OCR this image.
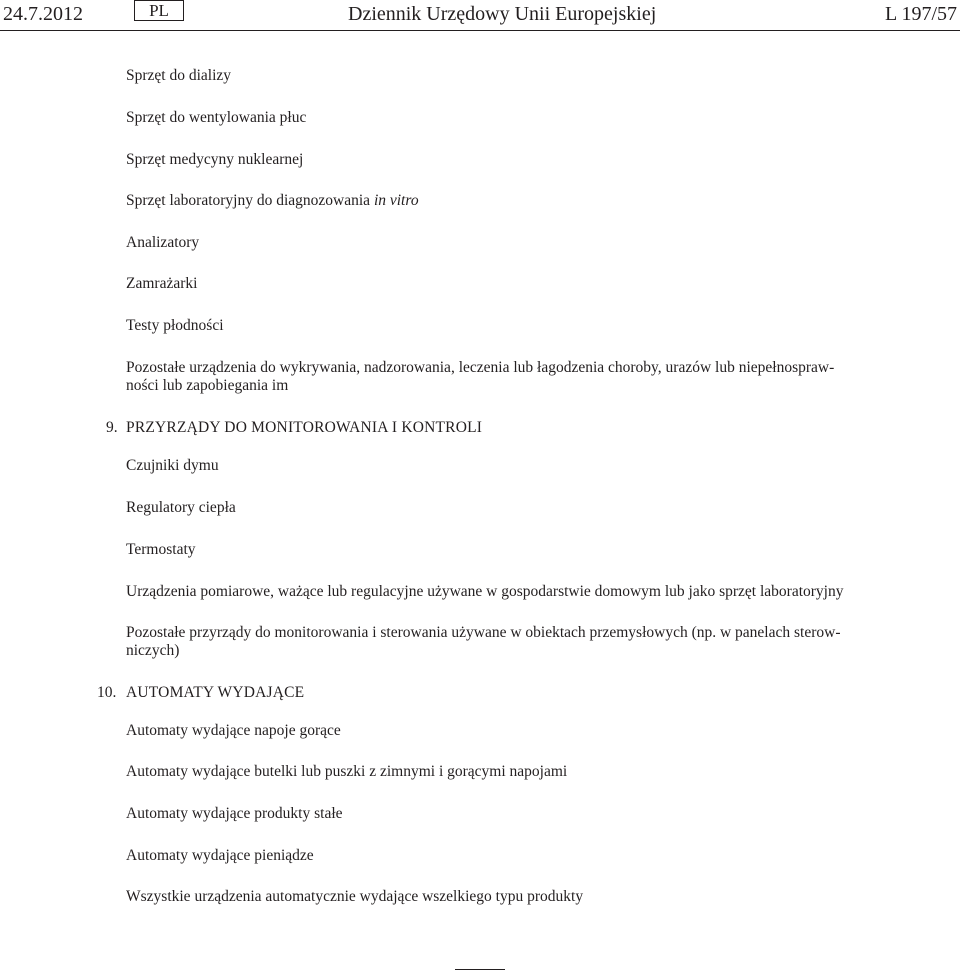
24.7.2012	PL	Dziennik Urzędowy Unii Europejskiej	L 197/57
Sprzęt do dializy
Sprzęt do wentylowania płuc
Sprzęt medycyny nuklearnej
Sprzęt laboratoryjny do diagnozowania in vitro
Analizatory
Zamrażarki
Testy płodności
Pozostałe urządzenia do wykrywania, nadzorowania, leczenia lub łagodzenia choroby, urazów lub niepełnospraw-
ności lub zapobiegania im
9. PRZYRZĄDY DO MONITOROWANIA I KONTROLI
Czujniki dymu
Regulatory ciepła
Termostaty
Urządzenia pomiarowe, ważące lub regulacyjne używane w gospodarstwie domowym lub jako sprzęt laboratoryjny
Pozostałe przyrządy do monitorowania i sterowania używane w obiektach przemysłowych (np. w panelach sterow-
niczych)
10. AUTOMATY WYDAJĄCE
Automaty wydające napoje gorące
Automaty wydające butelki lub puszki z zimnymi i gorącymi napojami
Automaty wydające produkty stałe
Automaty wydające pieniądze
Wszystkie urządzenia automatycznie wydające wszelkiego typu produkty
